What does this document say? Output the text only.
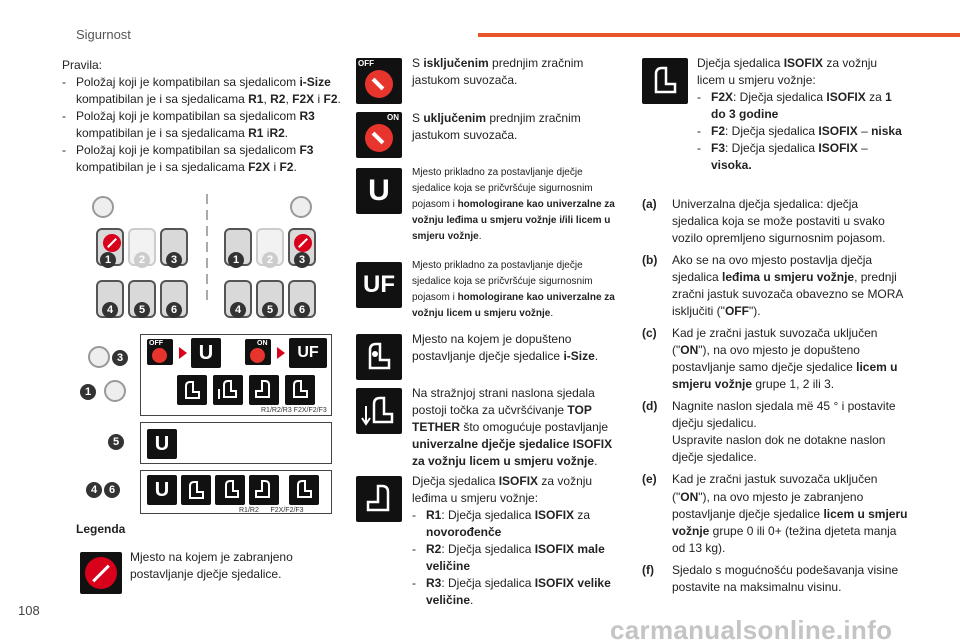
Sigurnost
Pravila:
- Položaj koji je kompatibilan sa sjedalicom i-Size kompatibilan je i sa sjedalicama R1, R2, F2X i F2.
- Položaj koji je kompatibilan sa sjedalicom R3 kompatibilan je i sa sjedalicama R1 iR2.
- Položaj koji je kompatibilan sa sjedalicom F3 kompatibilan je i sa sjedalicama F2X i F2.
1	2	3
4	5	6
1	2	3
4	5	6
3
1
5
4	6
OFF	U	ON
UF
R1/R2/R3 F2X/F2/F3
U
U
R1/R2      F2X/F2/F3
Legenda
Mjesto na kojem je zabranjeno postavljanje dječje sjedalice.
OFF	S isključenim prednjim zračnim jastukom suvozača.
ON S uključenim prednjim zračnim jastukom suvozača.
U
Mjesto prikladno za postavljanje dječje sjedalice koja se pričvršćuje sigurnosnim pojasom i homologirane kao univerzalne za vožnju leđima u smjeru vožnje i/ili licem u smjeru vožnje.
UF
Mjesto prikladno za postavljanje dječje sjedalice koja se pričvršćuje sigurnosnim pojasom i homologirane kao univerzalne za vožnju licem u smjeru vožnje.
Mjesto na kojem je dopušteno postavljanje dječje sjedalice i-Size.
Na stražnjoj strani naslona sjedala postoji točka za učvršćivanje TOP TETHER što omogućuje postavljanje univerzalne dječje sjedalice ISOFIX za vožnju licem u smjeru vožnje.
Dječja sjedalica ISOFIX za vožnju leđima u smjeru vožnje:
- R1: Dječja sjedalica ISOFIX za novorođenče
- R2: Dječja sjedalica ISOFIX male veličine
- R3: Dječja sjedalica ISOFIX velike veličine.
Dječja sjedalica ISOFIX za vožnju licem u smjeru vožnje:
- F2X: Dječja sjedalica ISOFIX za 1 do 3 godine
- F2: Dječja sjedalica ISOFIX – niska
- F3: Dječja sjedalica ISOFIX – visoka.
(a)	Univerzalna dječja sjedalica: dječja sjedalica koja se može postaviti u svako vozilo opremljeno sigurnosnim pojasom.
(b)	Ako se na ovo mjesto postavlja dječja sjedalica leđima u smjeru vožnje, prednji zračni jastuk suvozača obavezno se MORA isključiti ("OFF").
(c)	Kad je zračni jastuk suvozača uključen ("ON"), na ovo mjesto je dopušteno postavljanje samo dječje sjedalice licem u smjeru vožnje grupe 1, 2 ili 3.
(d)	Nagnite naslon sjedala më 45 ° i postavite dječju sjedalicu.
Uspravite naslon dok ne dotakne naslon dječje sjedalice.
(e)	Kad je zračni jastuk suvozača uključen ("ON"), na ovo mjesto je zabranjeno postavljanje dječje sjedalice licem u smjeru vožnje grupe 0 ili 0+ (težina djeteta manja od 13 kg).
(f)	Sjedalo s mogućnošću podešavanja visine postavite na maksimalnu visinu.
108
carmanualsonline.info
